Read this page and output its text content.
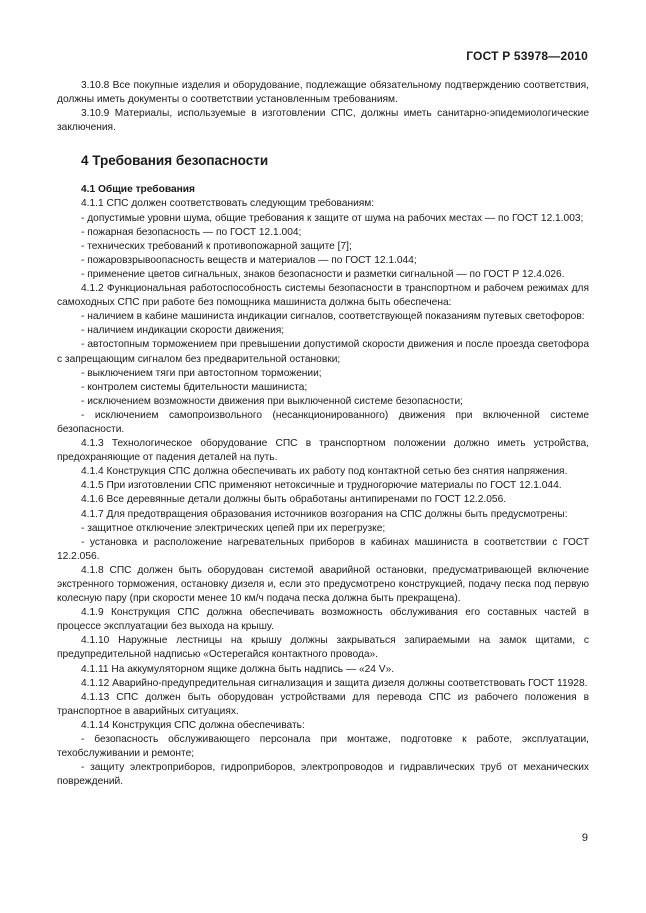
ГОСТ Р 53978—2010

3.10.8 Все покупные изделия и оборудование, подлежащие обязательному подтверждению соответствия, должны иметь документы о соответствии установленным требованиям.

3.10.9 Материалы, используемые в изготовлении СПС, должны иметь санитарно-эпидемиологические заключения.

4 Требования безопасности

4.1 Общие требования

4.1.1 СПС должен соответствовать следующим требованиям:

- допустимые уровни шума, общие требования к защите от шума на рабочих местах — по ГОСТ 12.1.003;

- пожарная безопасность — по ГОСТ 12.1.004;

- технических требований к противопожарной защите [7];

- пожаровзрывоопасность веществ и материалов — по ГОСТ 12.1.044;

- применение цветов сигнальных, знаков безопасности и разметки сигнальной — по ГОСТ Р 12.4.026.

4.1.2 Функциональная работоспособность системы безопасности в транспортном и рабочем режимах для самоходных СПС при работе без помощника машиниста должна быть обеспечена:

- наличием в кабине машиниста индикации сигналов, соответствующей показаниям путевых светофоров:

- наличием индикации скорости движения;

- автостопным торможением при превышении допустимой скорости движения и после проезда светофора с запрещающим сигналом без предварительной остановки;

- выключением тяги при автостопном торможении;

- контролем системы бдительности машиниста;

- исключением возможности движения при выключенной системе безопасности;

- исключением самопроизвольного (несанкционированного) движения при включенной системе безопасности.

4.1.3 Технологическое оборудование СПС в транспортном положении должно иметь устройства, предохраняющие от падения деталей на путь.

4.1.4 Конструкция СПС должна обеспечивать их работу под контактной сетью без снятия напряжения.

4.1.5 При изготовлении СПС применяют нетоксичные и трудногорючие материалы по ГОСТ 12.1.044.

4.1.6 Все деревянные детали должны быть обработаны антипиренами по ГОСТ 12.2.056.

4.1.7 Для предотвращения образования источников возгорания на СПС должны быть предусмотрены:

- защитное отключение электрических цепей при их перегрузке;

- установка и расположение нагревательных приборов в кабинах машиниста в соответствии с ГОСТ 12.2.056.

4.1.8 СПС должен быть оборудован системой аварийной остановки, предусматривающей включение экстренного торможения, остановку дизеля и, если это предусмотрено конструкцией, подачу песка под первую колесную пару (при скорости менее 10 км/ч подача песка должна быть прекращена).

4.1.9 Конструкция СПС должна обеспечивать возможность обслуживания его составных частей в процессе эксплуатации без выхода на крышу.

4.1.10 Наружные лестницы на крышу должны закрываться запираемыми на замок щитами, с предупредительной надписью «Остерегайся контактного провода».

4.1.11 На аккумуляторном ящике должна быть надпись — «24 V».

4.1.12 Аварийно-предупредительная сигнализация и защита дизеля должны соответствовать ГОСТ 11928.

4.1.13 СПС должен быть оборудован устройствами для перевода СПС из рабочего положения в транспортное в аварийных ситуациях.

4.1.14 Конструкция СПС должна обеспечивать:

- безопасность обслуживающего персонала при монтаже, подготовке к работе, эксплуатации, техобслуживании и ремонте;

- защиту электроприборов, гидроприборов, электропроводов и гидравлических труб от механических повреждений.

9
